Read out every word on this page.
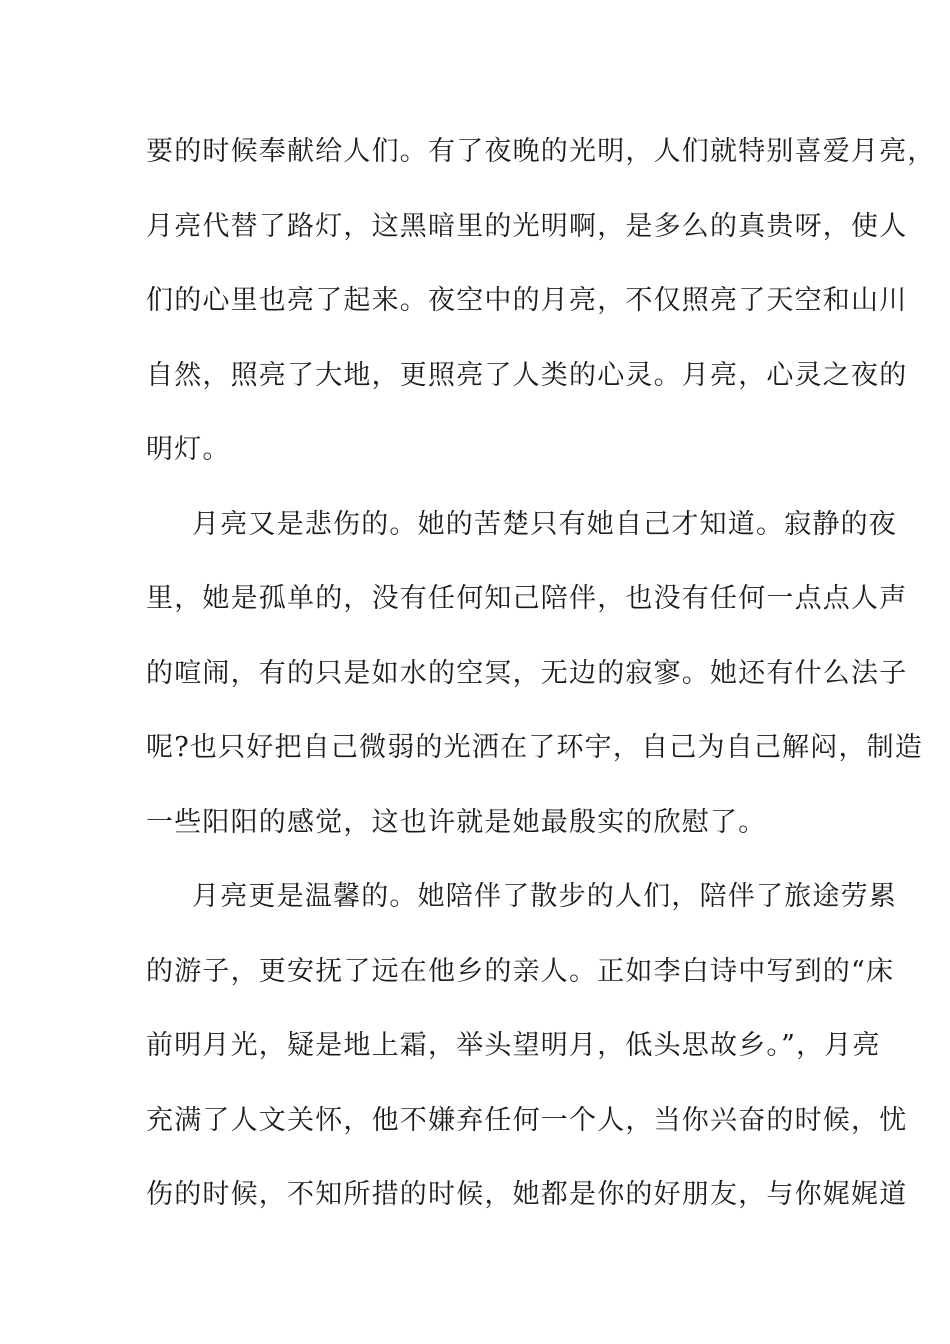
要的时候奉献给人们。有了夜晚的光明，人们就特别喜爱月亮，
月亮代替了路灯，这黑暗里的光明啊，是多么的真贵呀，使人
们的心里也亮了起来。夜空中的月亮，不仅照亮了天空和山川
自然，照亮了大地，更照亮了人类的心灵。月亮，心灵之夜的
明灯。
月亮又是悲伤的。她的苦楚只有她自己才知道。寂静的夜
里，她是孤单的，没有任何知己陪伴，也没有任何一点点人声
的喧闹，有的只是如水的空冥，无边的寂寥。她还有什么法子
呢?也只好把自己微弱的光洒在了环宇，自己为自己解闷，制造
一些阳阳的感觉，这也许就是她最殷实的欣慰了。
月亮更是温馨的。她陪伴了散步的人们，陪伴了旅途劳累
的游子，更安抚了远在他乡的亲人。正如李白诗中写到的“床
前明月光，疑是地上霜，举头望明月，低头思故乡。”，月亮
充满了人文关怀，他不嫌弃任何一个人，当你兴奋的时候，忧
伤的时候，不知所措的时候，她都是你的好朋友，与你娓娓道
